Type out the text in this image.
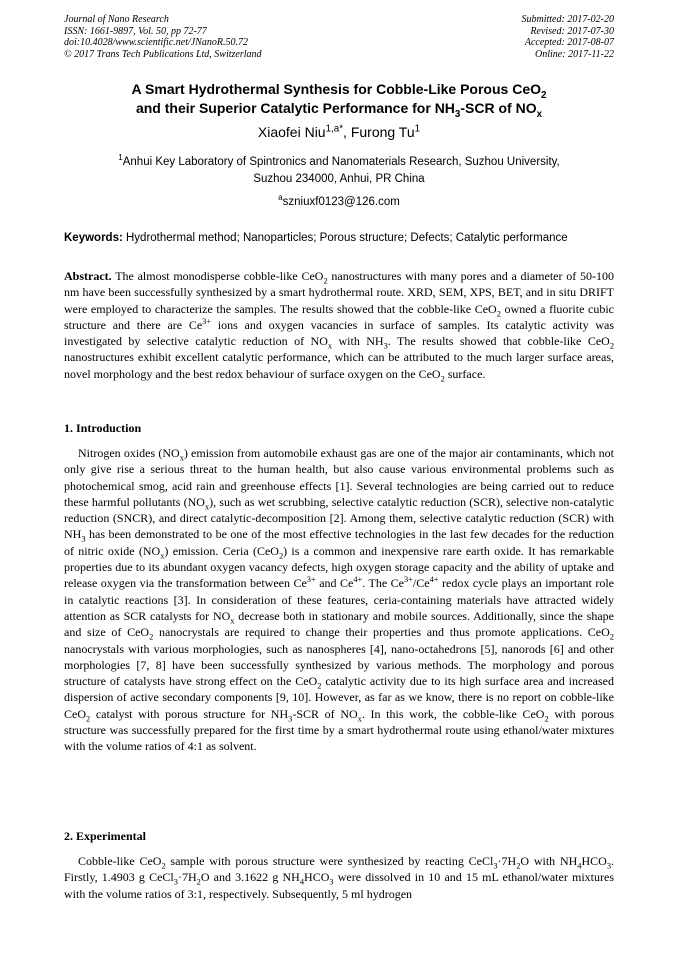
Journal of Nano Research
ISSN: 1661-9897, Vol. 50, pp 72-77
doi:10.4028/www.scientific.net/JNanoR.50.72
© 2017 Trans Tech Publications Ltd, Switzerland
Submitted: 2017-02-20
Revised: 2017-07-30
Accepted: 2017-08-07
Online: 2017-11-22
A Smart Hydrothermal Synthesis for Cobble-Like Porous CeO$_2$
and their Superior Catalytic Performance for $NH_3$-SCR of $NO_x$
Xiaofei Niu$^{1,a*}$, Furong Tu$^1$
$^1$Anhui Key Laboratory of Spintronics and Nanomaterials Research, Suzhou University,
Suzhou 234000, Anhui, PR China
$^a$szniuxf0123@126.com
Keywords: Hydrothermal method; Nanoparticles; Porous structure; Defects; Catalytic performance
Abstract. The almost monodisperse cobble-like CeO$_2$ nanostructures with many pores and a diameter of 50-100 nm have been successfully synthesized by a smart hydrothermal route. XRD, SEM, XPS, BET, and in situ DRIFT were employed to characterize the samples. The results showed that the cobble-like CeO$_2$ owned a fluorite cubic structure and there are $Ce^{3+}$ ions and oxygen vacancies in surface of samples. Its catalytic activity was investigated by selective catalytic reduction of $NO_x$ with $NH_3$. The results showed that cobble-like CeO$_2$ nanostructures exhibit excellent catalytic performance, which can be attributed to the much larger surface areas, novel morphology and the best redox behaviour of surface oxygen on the CeO$_2$ surface.
1. Introduction
Nitrogen oxides $(NO_x)$ emission from automobile exhaust gas are one of the major air contaminants, which not only give rise a serious threat to the human health, but also cause various environmental problems such as photochemical smog, acid rain and greenhouse effects [1]. Several technologies are being carried out to reduce these harmful pollutants $(NO_x)$, such as wet scrubbing, selective catalytic reduction (SCR), selective non-catalytic reduction (SNCR), and direct catalytic-decomposition [2]. Among them, selective catalytic reduction (SCR) with $NH_3$ has been demonstrated to be one of the most effective technologies in the last few decades for the reduction of nitric oxide $(NO_x)$ emission. Ceria (CeO$_2$) is a common and inexpensive rare earth oxide. It has remarkable properties due to its abundant oxygen vacancy defects, high oxygen storage capacity and the ability of uptake and release oxygen via the transformation between $Ce^{3+}$ and $Ce^{4+}$. The $Ce^{3+}/Ce^{4+}$ redox cycle plays an important role in catalytic reactions [3]. In consideration of these features, ceria-containing materials have attracted widely attention as SCR catalysts for $NO_x$ decrease both in stationary and mobile sources. Additionally, since the shape and size of CeO$_2$ nanocrystals are required to change their properties and thus promote applications. CeO$_2$ nanocrystals with various morphologies, such as nanospheres [4], nano-octahedrons [5], nanorods [6] and other morphologies [7, 8] have been successfully synthesized by various methods. The morphology and porous structure of catalysts have strong effect on the CeO$_2$ catalytic activity due to its high surface area and increased dispersion of active secondary components [9, 10]. However, as far as we know, there is no report on cobble-like CeO$_2$ catalyst with porous structure for $NH_3$-SCR of $NO_x$. In this work, the cobble-like CeO$_2$ with porous structure was successfully prepared for the first time by a smart hydrothermal route using ethanol/water mixtures with the volume ratios of 4:1 as solvent.
2. Experimental
Cobble-like CeO$_2$ sample with porous structure were synthesized by reacting $CeCl_3\cdot 7H_2O$ with $NH_4HCO_3$. Firstly, 1.4903 g $CeCl_3\cdot 7H_2O$ and 3.1622 g $NH_4HCO_3$ were dissolved in 10 and 15 mL ethanol/water mixtures with the volume ratios of 3:1, respectively. Subsequently, 5 ml hydrogen
